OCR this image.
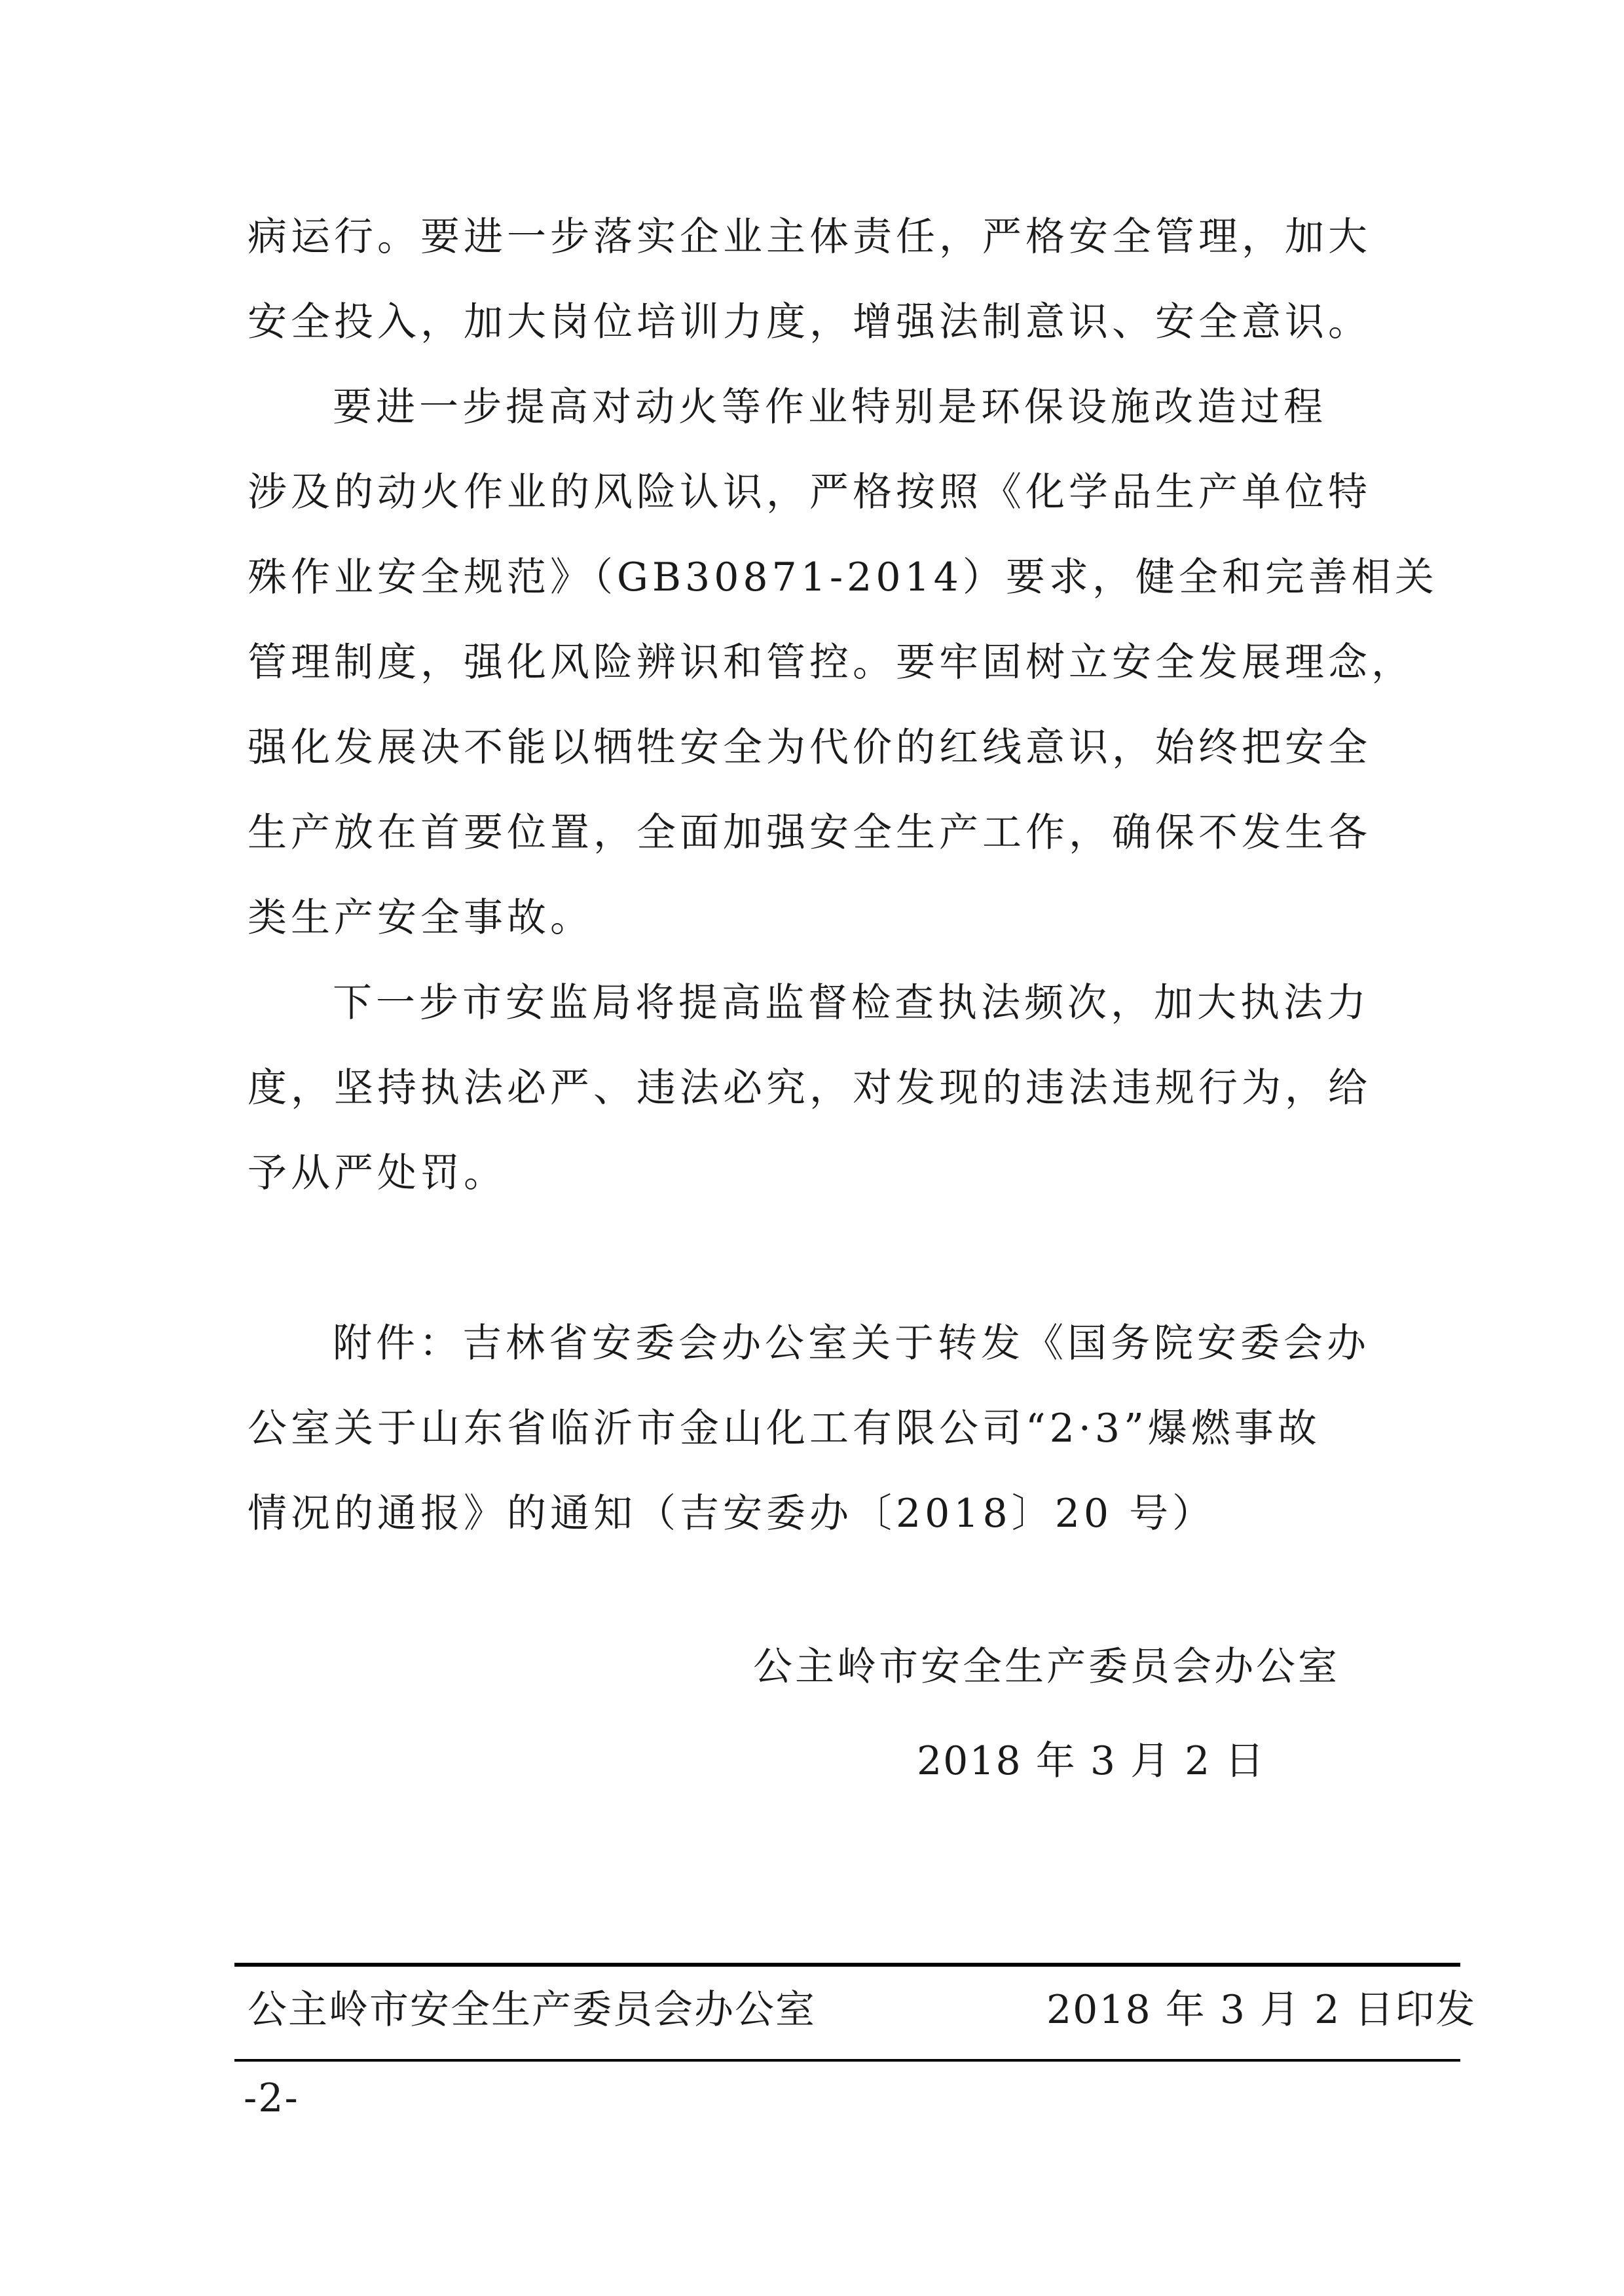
病运行。要进一步落实企业主体责任，严格安全管理，加大
安全投入，加大岗位培训力度，增强法制意识、安全意识。
要进一步提高对动火等作业特别是环保设施改造过程
涉及的动火作业的风险认识，严格按照《化学品生产单位特
殊作业安全规范》（GB30871-2014）要求，健全和完善相关
管理制度，强化风险辨识和管控。要牢固树立安全发展理念，
强化发展决不能以牺牲安全为代价的红线意识，始终把安全
生产放在首要位置，全面加强安全生产工作，确保不发生各
类生产安全事故。
下一步市安监局将提高监督检查执法频次，加大执法力
度，坚持执法必严、违法必究，对发现的违法违规行为，给
予从严处罚。
附件：吉林省安委会办公室关于转发《国务院安委会办
公室关于山东省临沂市金山化工有限公司“2·3”爆燃事故
情况的通报》的通知（吉安委办〔2018〕20 号）
公主岭市安全生产委员会办公室
2018 年 3 月 2 日
公主岭市安全生产委员会办公室	2018 年 3 月 2 日印发
-2-
